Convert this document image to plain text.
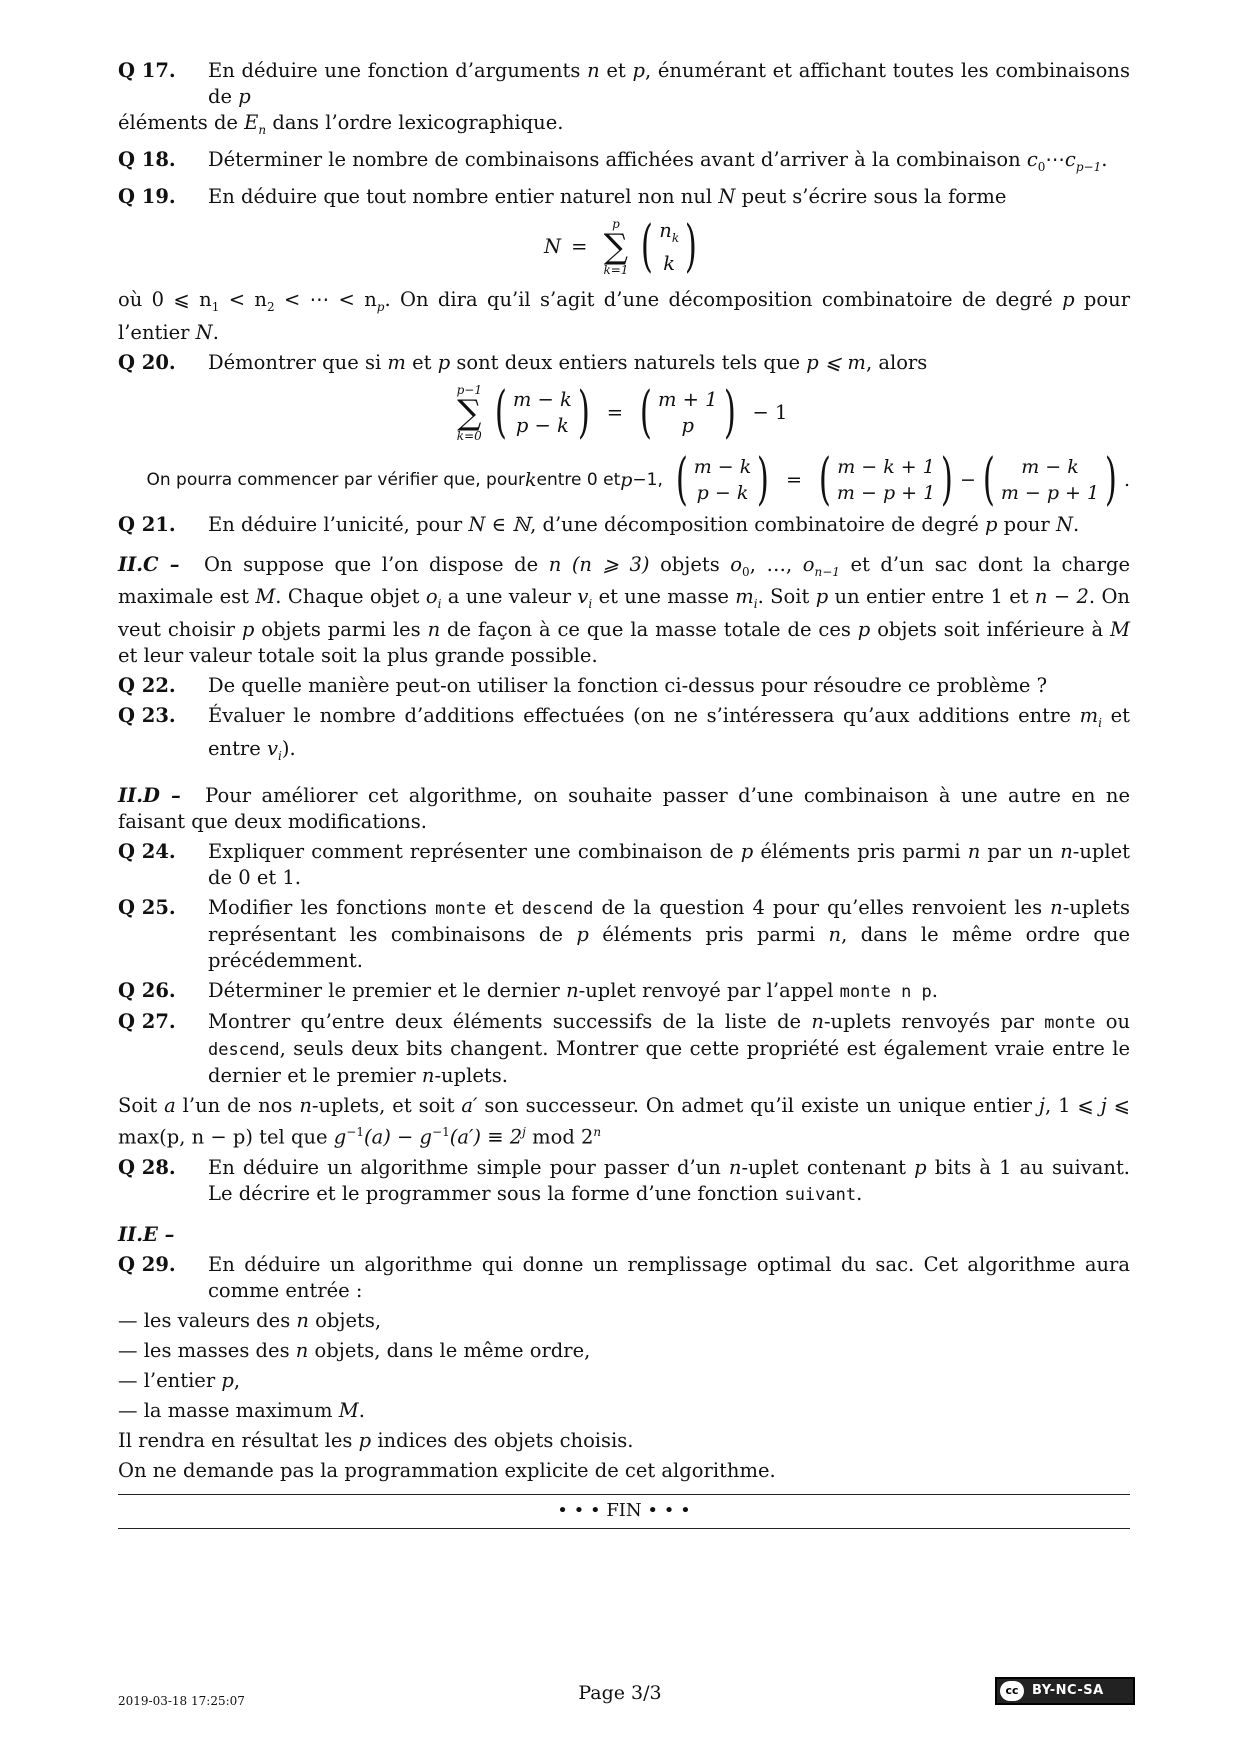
Q 17.	En déduire une fonction d’arguments n et p, énumérant et affichant toutes les combinaisons de p
éléments de $E_n$ dans l’ordre lexicographique.
Q 18.	Déterminer le nombre de combinaisons affichées avant d’arriver à la combinaison $c_0\cdots c_{p-1}$.
Q 19.	En déduire que tout nombre entier naturel non nul N peut s’écrire sous la forme
N =
p
∑
k=1 ( $n_k$
k )
où 0 ⩽ $n_1 < n_2$ < ⋯ < $n_p$. On dira qu’il s’agit d’une décomposition combinatoire de degré p pour l’entier N.
Q 20.	Démontrer que si m et p sont deux entiers naturels tels que p ⩽ m, alors
p−1
∑
k=0 ( m − k
p − k ) = ( m + 1
p ) − 1
On pourra commencer par vérifier que, pour k entre 0 et p −1, ( m − k
p − k ) = ( m − k + 1
m − p + 1 ) − ( m − k
m − p + 1 ) .
Q 21.	En déduire l’unicité, pour N ∈ ℕ, d’une décomposition combinatoire de degré p pour N.
II.C – On suppose que l’on dispose de n (n ⩾ 3) objets $o_0$, …, $o_{n-1}$ et d’un sac dont la charge maximale est M. Chaque objet $o_i$ a une valeur $v_i$ et une masse $m_i$. Soit p un entier entre 1 et n − 2. On veut choisir p objets parmi les n de façon à ce que la masse totale de ces p objets soit inférieure à M et leur valeur totale soit la plus grande possible.
Q 22.	De quelle manière peut-on utiliser la fonction ci-dessus pour résoudre ce problème ?
Q 23.	Évaluer le nombre d’additions effectuées (on ne s’intéressera qu’aux additions entre $m_i$ et entre $v_i$).
II.D – Pour améliorer cet algorithme, on souhaite passer d’une combinaison à une autre en ne faisant que deux modifications.
Q 24.	Expliquer comment représenter une combinaison de p éléments pris parmi n par un n-uplet de 0 et 1.
Q 25.	Modifier les fonctions monte et descend de la question 4 pour qu’elles renvoient les n-uplets représentant les combinaisons de p éléments pris parmi n, dans le même ordre que précédemment.
Q 26.	Déterminer le premier et le dernier n-uplet renvoyé par l’appel monte n p.
Q 27.	Montrer qu’entre deux éléments successifs de la liste de n-uplets renvoyés par monte ou descend, seuls deux bits changent. Montrer que cette propriété est également vraie entre le dernier et le premier n-uplets.
Soit a l’un de nos n-uplets, et soit a′ son successeur. On admet qu’il existe un unique entier j, 1 ⩽ j ⩽ max(p, n − p) tel que $g^{-1}(a) - g^{-1}(a') \equiv 2^j$ mod 2$^n$
Q 28.	En déduire un algorithme simple pour passer d’un n-uplet contenant p bits à 1 au suivant. Le décrire et le programmer sous la forme d’une fonction suivant.
II.E –
Q 29.	En déduire un algorithme qui donne un remplissage optimal du sac. Cet algorithme aura comme entrée :
— les valeurs des n objets,
— les masses des n objets, dans le même ordre,
— l’entier p,
— la masse maximum M.
Il rendra en résultat les p indices des objets choisis.
On ne demande pas la programmation explicite de cet algorithme.
• • • FIN • • •
2019-03-18 17:25:07	Page 3/3	cc	BY-NC-SA
